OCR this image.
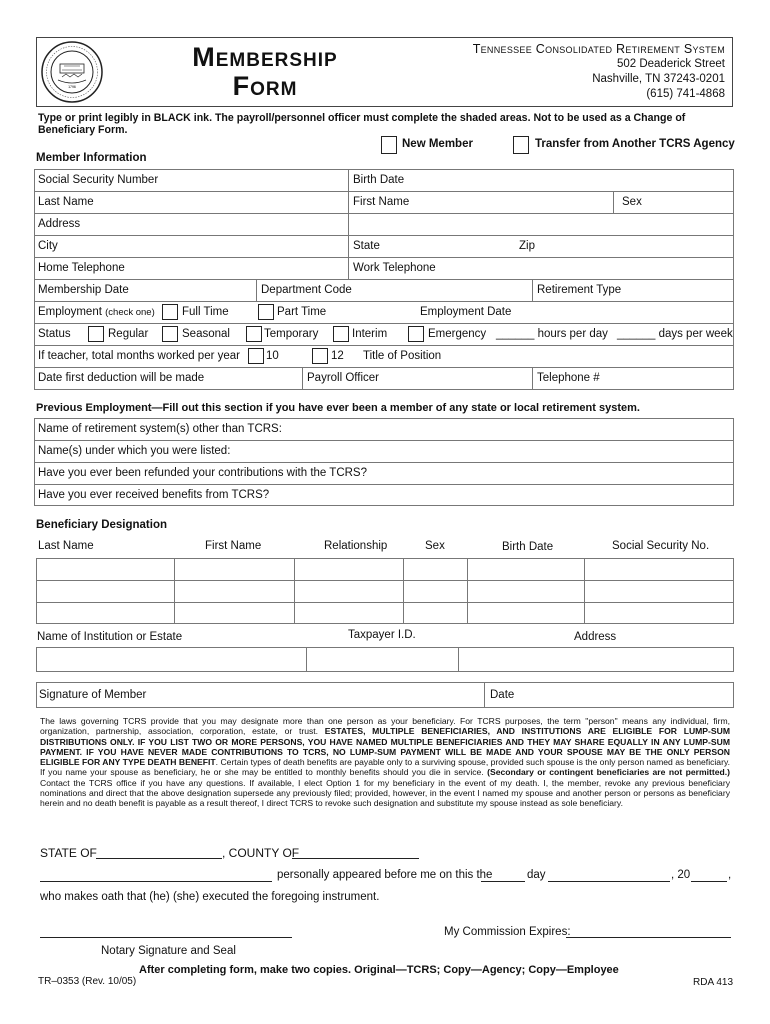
1796
Membership
Form
Tennessee Consolidated Retirement System
502 Deaderick Street
Nashville, TN 37243-0201
(615) 741-4868
Type or print legibly in BLACK ink. The payroll/personnel officer must complete the shaded areas. Not to be used as a Change of Beneficiary Form.
New Member	Transfer from Another TCRS Agency
Member Information
Social Security Number	Birth Date
Last Name	First Name	Sex
Address
City	State	Zip
Home Telephone	Work Telephone
Membership Date	Department Code	Retirement Type
Employment (check one) Full Time	Part Time	Employment Date
Status	Regular	Seasonal	Temporary	Interim	Emergency ______ hours per day ______ days per week
If teacher, total months worked per year 10	12 Title of Position
Date first deduction will be made	Payroll Officer	Telephone #
Previous Employment—Fill out this section if you have ever been a member of any state or local retirement system.
Name of retirement system(s) other than TCRS:
Name(s) under which you were listed:
Have you ever been refunded your contributions with the TCRS?
Have you ever received benefits from TCRS?
Beneficiary Designation
Last Name	First Name	Relationship	Sex	Birth Date	Social Security No.
Name of Institution or Estate	Taxpayer I.D.	Address
Signature of Member	Date
The laws governing TCRS provide that you may designate more than one person as your beneficiary. For TCRS purposes, the term "person" means any individual, firm, organization, partnership, association, corporation, estate, or trust. ESTATES, MULTIPLE BENEFICIARIES, AND INSTITUTIONS ARE ELIGIBLE FOR LUMP-SUM DISTRIBUTIONS ONLY. IF YOU LIST TWO OR MORE PERSONS, YOU HAVE NAMED MULTIPLE BENEFICIARIES AND THEY MAY SHARE EQUALLY IN ANY LUMP-SUM PAYMENT. IF YOU HAVE NEVER MADE CONTRIBUTIONS TO TCRS, NO LUMP-SUM PAYMENT WILL BE MADE AND YOUR SPOUSE MAY BE THE ONLY PERSON ELIGIBLE FOR ANY TYPE DEATH BENEFIT. Certain types of death benefits are payable only to a surviving spouse, provided such spouse is the only person named as beneficiary. If you name your spouse as beneficiary, he or she may be entitled to monthly benefits should you die in service. (Secondary or contingent beneficiaries are not permitted.) Contact the TCRS office if you have any questions. If available, I elect Option 1 for my beneficiary in the event of my death. I, the member, revoke any previous beneficiary nominations and direct that the above designation supersede any previously filed; provided, however, in the event I named my spouse and another person or persons as beneficiary herein and no death benefit is payable as a result thereof, I direct TCRS to revoke such designation and substitute my spouse instead as sole beneficiary.
STATE OF	, COUNTY OF
personally appeared before me on this the	day	, 20	,
who makes oath that (he) (she) executed the foregoing instrument.
My Commission Expires:
Notary Signature and Seal
After completing form, make two copies. Original—TCRS; Copy—Agency; Copy—Employee
TR–0353 (Rev. 10/05)	RDA 413
